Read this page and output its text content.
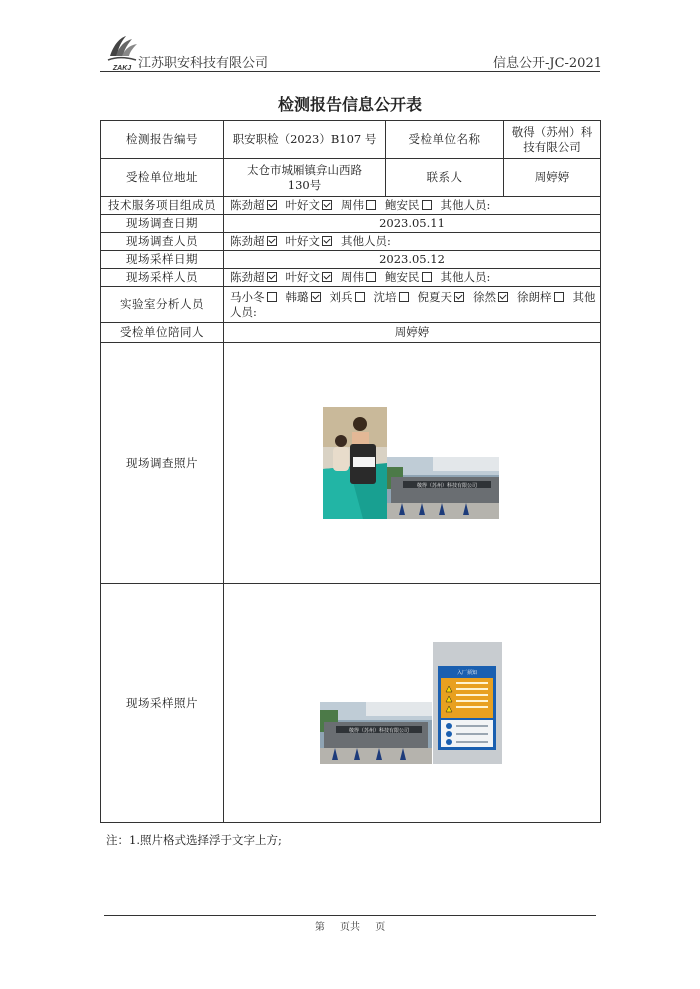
ZAKJ 江苏职安科技有限公司	信息公开-JC-2021
检测报告信息公开表
检测报告编号	职安职检（2023）B107 号	受检单位名称	敬得（苏州）科技有限公司
受检单位地址	太仓市城厢镇弇山西路130号	联系人	周婷婷
技术服务项目组成员	陈劲超 叶好文 周伟 鲍安民 其他人员:		
现场调查日期	2023.05.11		
现场调查人员	陈劲超 叶好文 其他人员:		
现场采样日期	2023.05.12		
现场采样人员	陈劲超 叶好文 周伟 鲍安民 其他人员:		
实验室分析人员	马小冬 韩璐 刘兵 沈培 倪夏天 徐然 徐朗梓 其他人员:		
受检单位陪同人	周婷婷		
现场调查照片	敬得（苏州）科技有限公司		

现场采样照片	敬得（苏州）科技有限公司
入厂须知		
注：1.照片格式选择浮于文字上方;
第 页共 页
